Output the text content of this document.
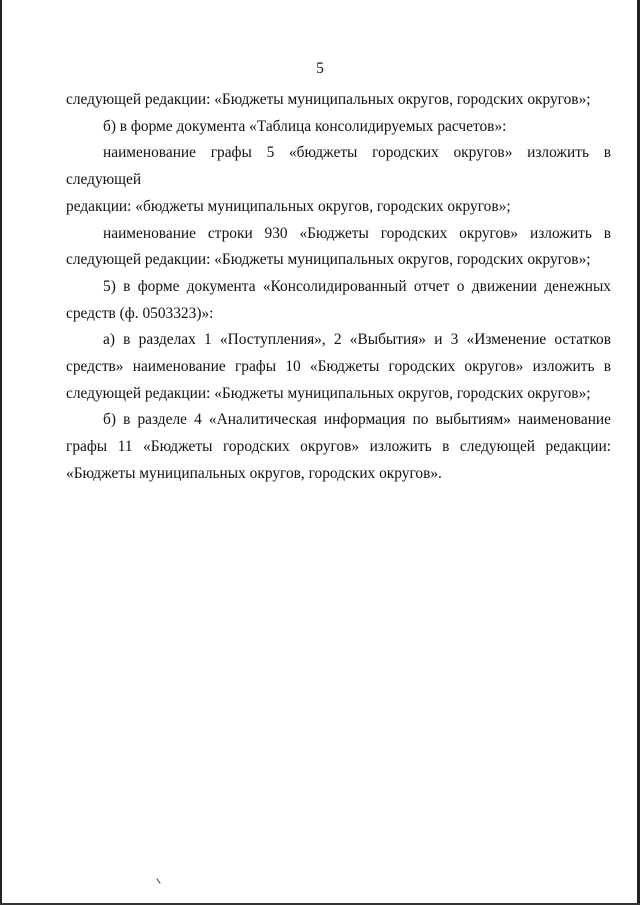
5
следующей редакции: «Бюджеты муниципальных округов, городских округов»;
б) в форме документа «Таблица консолидируемых расчетов»:
наименование графы 5 «бюджеты городских округов» изложить в следующей
редакции: «бюджеты муниципальных округов, городских округов»;
наименование строки 930 «Бюджеты городских округов» изложить в
следующей редакции: «Бюджеты муниципальных округов, городских округов»;
5) в форме документа «Консолидированный отчет о движении денежных
средств (ф. 0503323)»:
а) в разделах 1 «Поступления», 2 «Выбытия» и 3 «Изменение остатков
средств» наименование графы 10 «Бюджеты городских округов» изложить в
следующей редакции: «Бюджеты муниципальных округов, городских округов»;
б) в разделе 4 «Аналитическая информация по выбытиям» наименование
графы 11 «Бюджеты городских округов» изложить в следующей редакции:
«Бюджеты муниципальных округов, городских округов».
